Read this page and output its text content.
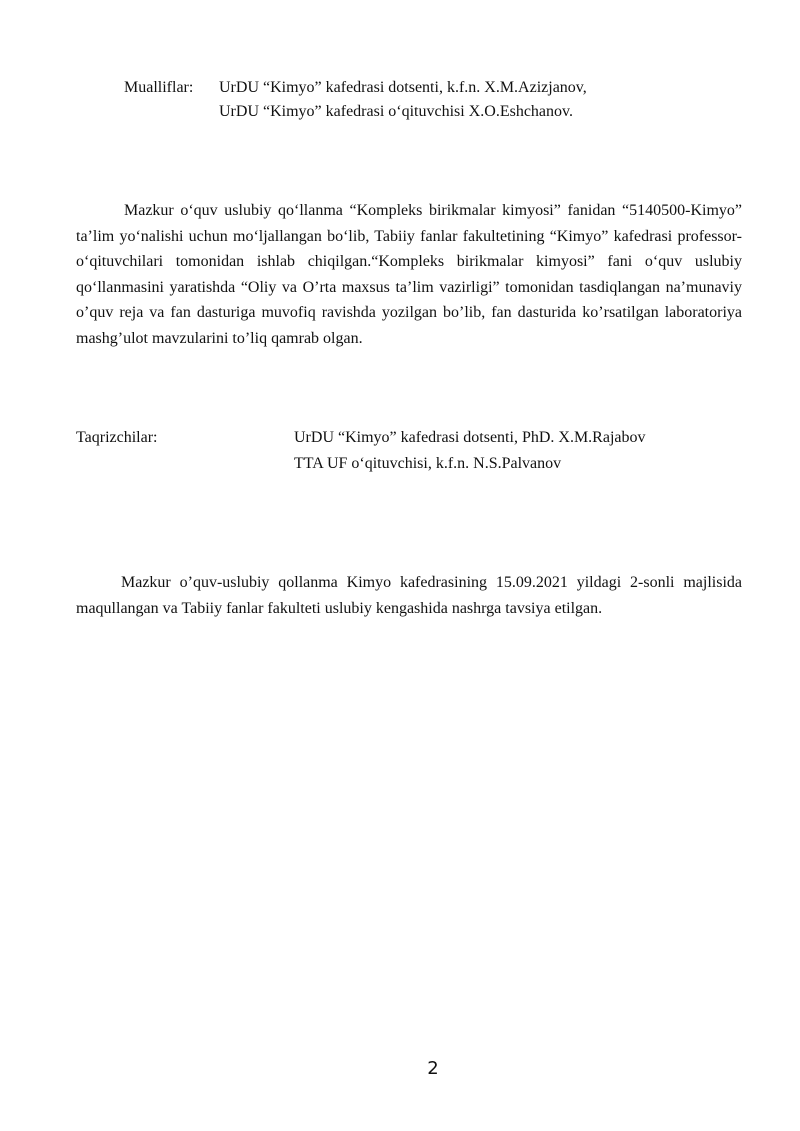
Mualliflar:	UrDU “Kimyo” kafedrasi dotsenti, k.f.n. X.M.Azizjanov,
UrDU “Kimyo” kafedrasi o‘qituvchisi X.O.Eshchanov.

Mazkur o‘quv uslubiy qo‘llanma “Kompleks birikmalar kimyosi” fanidan “5140500-Kimyo” ta’lim yo‘nalishi uchun mo‘ljallangan bo‘lib, Tabiiy fanlar fakultetining “Kimyo” kafedrasi professor-o‘qituvchilari tomonidan ishlab chiqilgan.“Kompleks birikmalar kimyosi” fani o‘quv uslubiy qo‘llanmasini yaratishda “Oliy va O’rta maxsus ta’lim vazirligi” tomonidan tasdiqlangan na’munaviy o’quv reja va fan dasturiga muvofiq ravishda yozilgan bo’lib, fan dasturida ko’rsatilgan laboratoriya mashg’ulot mavzularini to’liq qamrab olgan.

Taqrizchilar:	UrDU “Kimyo” kafedrasi dotsenti, PhD. X.M.Rajabov
TTA UF o‘qituvchisi, k.f.n. N.S.Palvanov

Mazkur o’quv-uslubiy qollanma Kimyo kafedrasining 15.09.2021 yildagi 2-sonli majlisida maqullangan va Tabiiy fanlar fakulteti uslubiy kengashida nashrga tavsiya etilgan.

2
